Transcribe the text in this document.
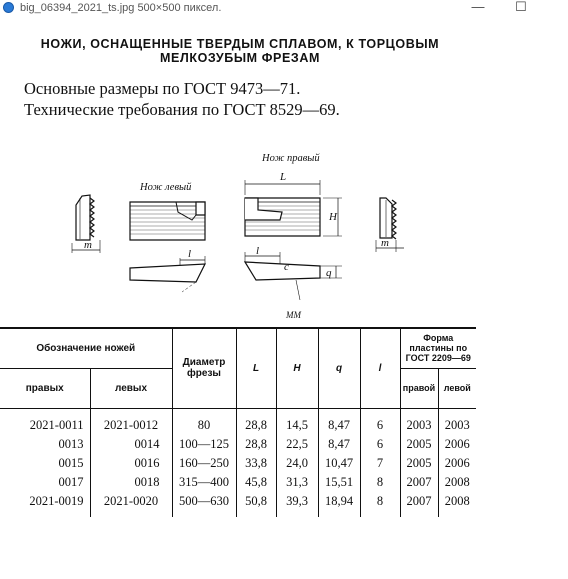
big_06394_2021_ts.jpg 500×500 пиксел.	—	☐
НОЖИ, ОСНАЩЕННЫЕ ТВЕРДЫМ СПЛАВОМ, К ТОРЦОВЫМ
МЕЛКОЗУБЫМ ФРЕЗАМ
Основные размеры по ГОСТ 9473—71.
Технические требования по ГОСТ 8529—69.
Нож правый
Нож левый
L
H
m	m
l	l
q
c
ММ
Обозначение ножей		Диаметр фрезы	L	H	q	l	Форма пластины по ГОСТ 2209—69	
правых	левых						правой	левой

2021-0011	2021-0012	80	28,8	14,5	8,47	6	2003	2003
0013	0014	100—125	28,8	22,5	8,47	6	2005	2006
0015	0016	160—250	33,8	24,0	10,47	7	2005	2006
0017	0018	315—400	45,8	31,3	15,51	8	2007	2008
2021-0019	2021-0020	500—630	50,8	39,3	18,94	8	2007	2008
